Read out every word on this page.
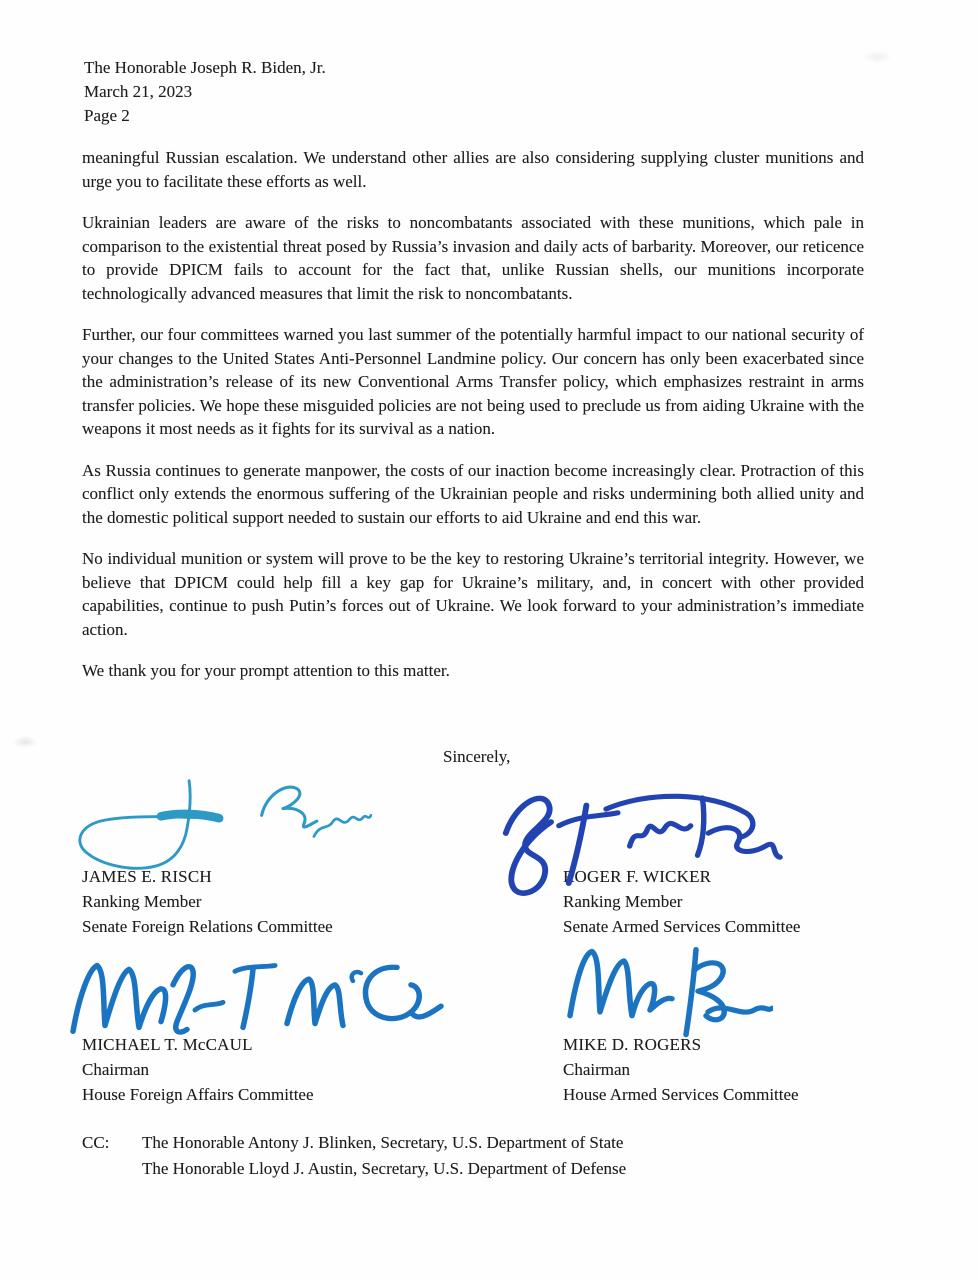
The Honorable Joseph R. Biden, Jr.
March 21, 2023
Page 2

meaningful Russian escalation. We understand other allies are also considering supplying cluster munitions and urge you to facilitate these efforts as well.

Ukrainian leaders are aware of the risks to noncombatants associated with these munitions, which pale in comparison to the existential threat posed by Russia’s invasion and daily acts of barbarity. Moreover, our reticence to provide DPICM fails to account for the fact that, unlike Russian shells, our munitions incorporate technologically advanced measures that limit the risk to noncombatants.

Further, our four committees warned you last summer of the potentially harmful impact to our national security of your changes to the United States Anti-Personnel Landmine policy. Our concern has only been exacerbated since the administration’s release of its new Conventional Arms Transfer policy, which emphasizes restraint in arms transfer policies. We hope these misguided policies are not being used to preclude us from aiding Ukraine with the weapons it most needs as it fights for its survival as a nation.

As Russia continues to generate manpower, the costs of our inaction become increasingly clear. Protraction of this conflict only extends the enormous suffering of the Ukrainian people and risks undermining both allied unity and the domestic political support needed to sustain our efforts to aid Ukraine and end this war.

No individual munition or system will prove to be the key to restoring Ukraine’s territorial integrity. However, we believe that DPICM could help fill a key gap for Ukraine’s military, and, in concert with other provided capabilities, continue to push Putin’s forces out of Ukraine. We look forward to your administration’s immediate action.

We thank you for your prompt attention to this matter.

Sincerely,
JAMES E. RISCH
Ranking Member
Senate Foreign Relations Committee
ROGER F. WICKER
Ranking Member
Senate Armed Services Committee
MICHAEL T. McCAUL
Chairman
House Foreign Affairs Committee
MIKE D. ROGERS
Chairman
House Armed Services Committee
CC:	The Honorable Antony J. Blinken, Secretary, U.S. Department of State
The Honorable Lloyd J. Austin, Secretary, U.S. Department of Defense
